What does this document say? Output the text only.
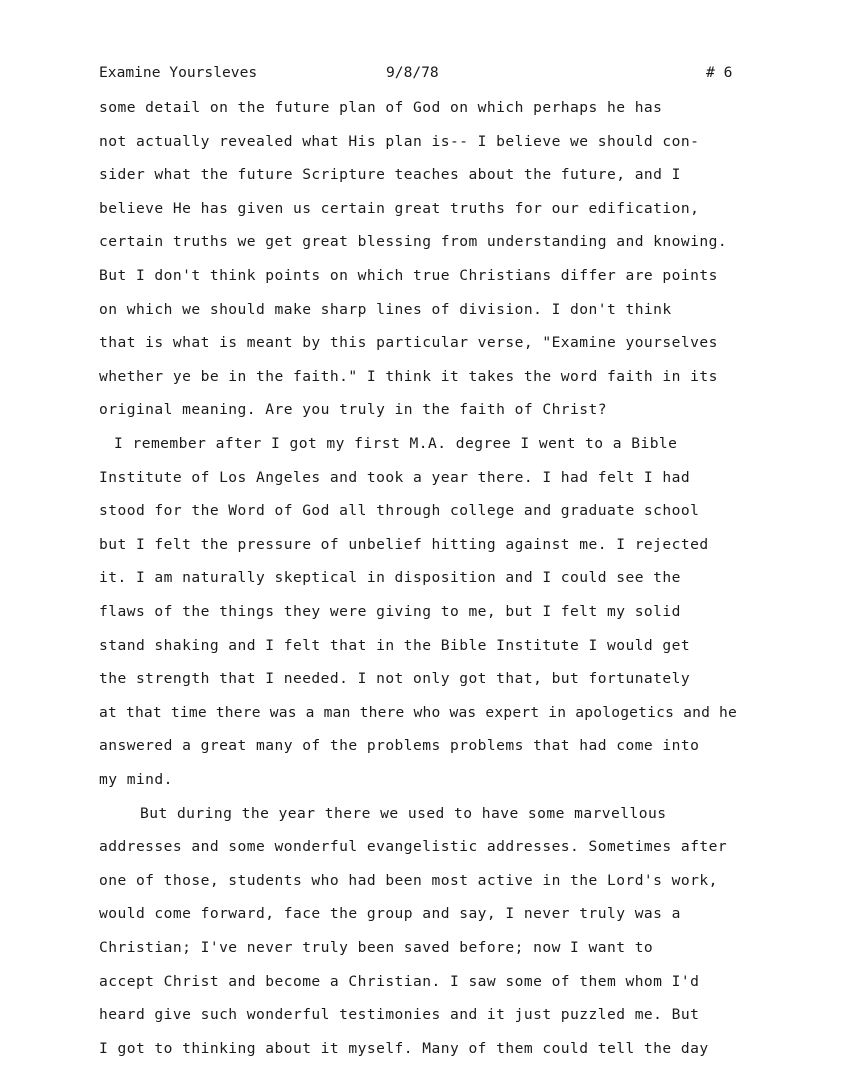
Examine Yoursleves	9/8/78	# 6
some detail on the future plan of God on which perhaps he has
not actually revealed what His plan is-- I believe we should con-
sider what the future Scripture teaches about the future, and I
believe He has given us certain great truths for our edification,
certain truths we get great blessing from understanding and knowing.
But I don't think points on which true Christians differ are points
on which we should make sharp lines of division. I don't think
that is what is meant by this particular verse, "Examine yourselves
whether ye be in the faith." I think it takes the word faith in its
original meaning. Are you truly in the faith of Christ?
I remember after I got my first M.A. degree I went to a Bible
Institute of Los Angeles and took a year there. I had felt I had
stood for the Word of God all through college and graduate school
but I felt the pressure of unbelief hitting against me. I rejected
it. I am naturally skeptical in disposition and I could see the
flaws of the things they were giving to me, but I felt my solid
stand shaking and I felt that in the Bible Institute I would get
the strength that I needed. I not only got that, but fortunately
at that time there was a man there who was expert in apologetics and he
answered a great many of the problems problems that had come into
my mind.
But during the year there we used to have some marvellous
addresses and some wonderful evangelistic addresses. Sometimes after
one of those, students who had been most active in the Lord's work,
would come forward, face the group and say, I never truly was a
Christian; I've never truly been saved before; now I want to
accept Christ and become a Christian. I saw some of them whom I'd
heard give such wonderful testimonies and it just puzzled me. But
I got to thinking about it myself. Many of them could tell the day
